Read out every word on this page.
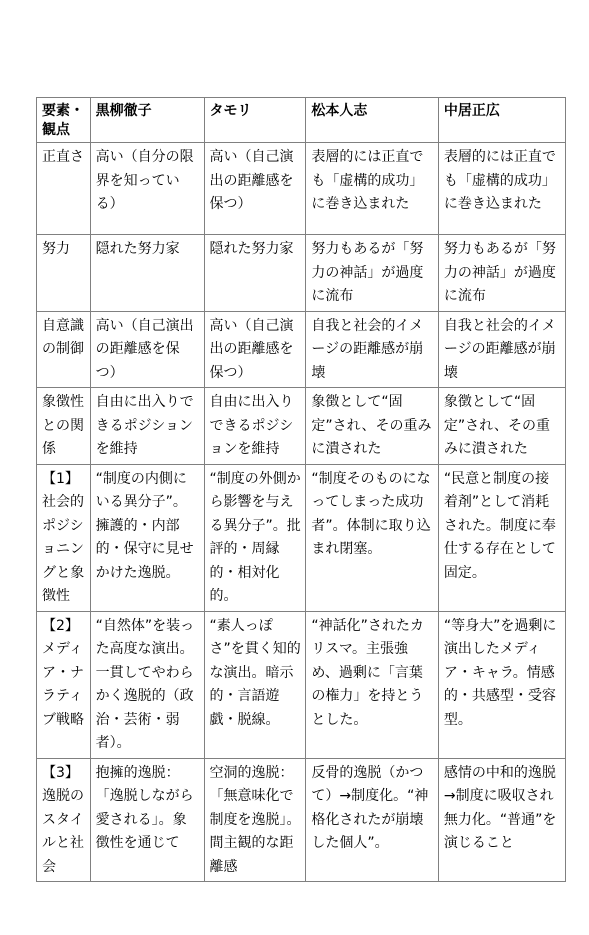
要素・観点	黒柳徹子	タモリ	松本人志	中居正広
正直さ	高い（自分の限界を知っている）	高い（自己演出の距離感を保つ）	表層的には正直でも「虚構的成功」に巻き込まれた	表層的には正直でも「虚構的成功」に巻き込まれた
努力	隠れた努力家	隠れた努力家	努力もあるが「努力の神話」が過度に流布	努力もあるが「努力の神話」が過度に流布
自意識の制御	高い（自己演出の距離感を保つ）	高い（自己演出の距離感を保つ）	自我と社会的イメージの距離感が崩壊	自我と社会的イメージの距離感が崩壊
象徴性との関係	自由に出入りできるポジションを維持	自由に出入りできるポジションを維持	象徴として“固定”され、その重みに潰された	象徴として“固定”され、その重みに潰された
【1】社会的ポジショニングと象徴性	“制度の内側にいる異分子”。擁護的・内部的・保守に見せかけた逸脱。	“制度の外側から影響を与える異分子”。批評的・周縁的・相対化的。	“制度そのものになってしまった成功者”。体制に取り込まれ閉塞。	“民意と制度の接着剤”として消耗された。制度に奉仕する存在として固定。
【2】メディア・ナラティブ戦略	“自然体”を装った高度な演出。一貫してやわらかく逸脱的（政治・芸術・弱者）。	“素人っぽさ”を貫く知的な演出。暗示的・言語遊戯・脱線。	“神話化”されたカリスマ。主張強め、過剰に「言葉の権力」を持とうとした。	“等身大”を過剰に演出したメディア・キャラ。情感的・共感型・受容型。
【3】逸脱のスタイルと社会	抱擁的逸脱：「逸脱しながら愛される」。象徴性を通じて	空洞的逸脱：「無意味化で制度を逸脱」。間主観的な距離感	反骨的逸脱（かつて）→制度化。“神格化されたが崩壊した個人”。	感情の中和的逸脱→制度に吸収され無力化。“普通”を演じること
